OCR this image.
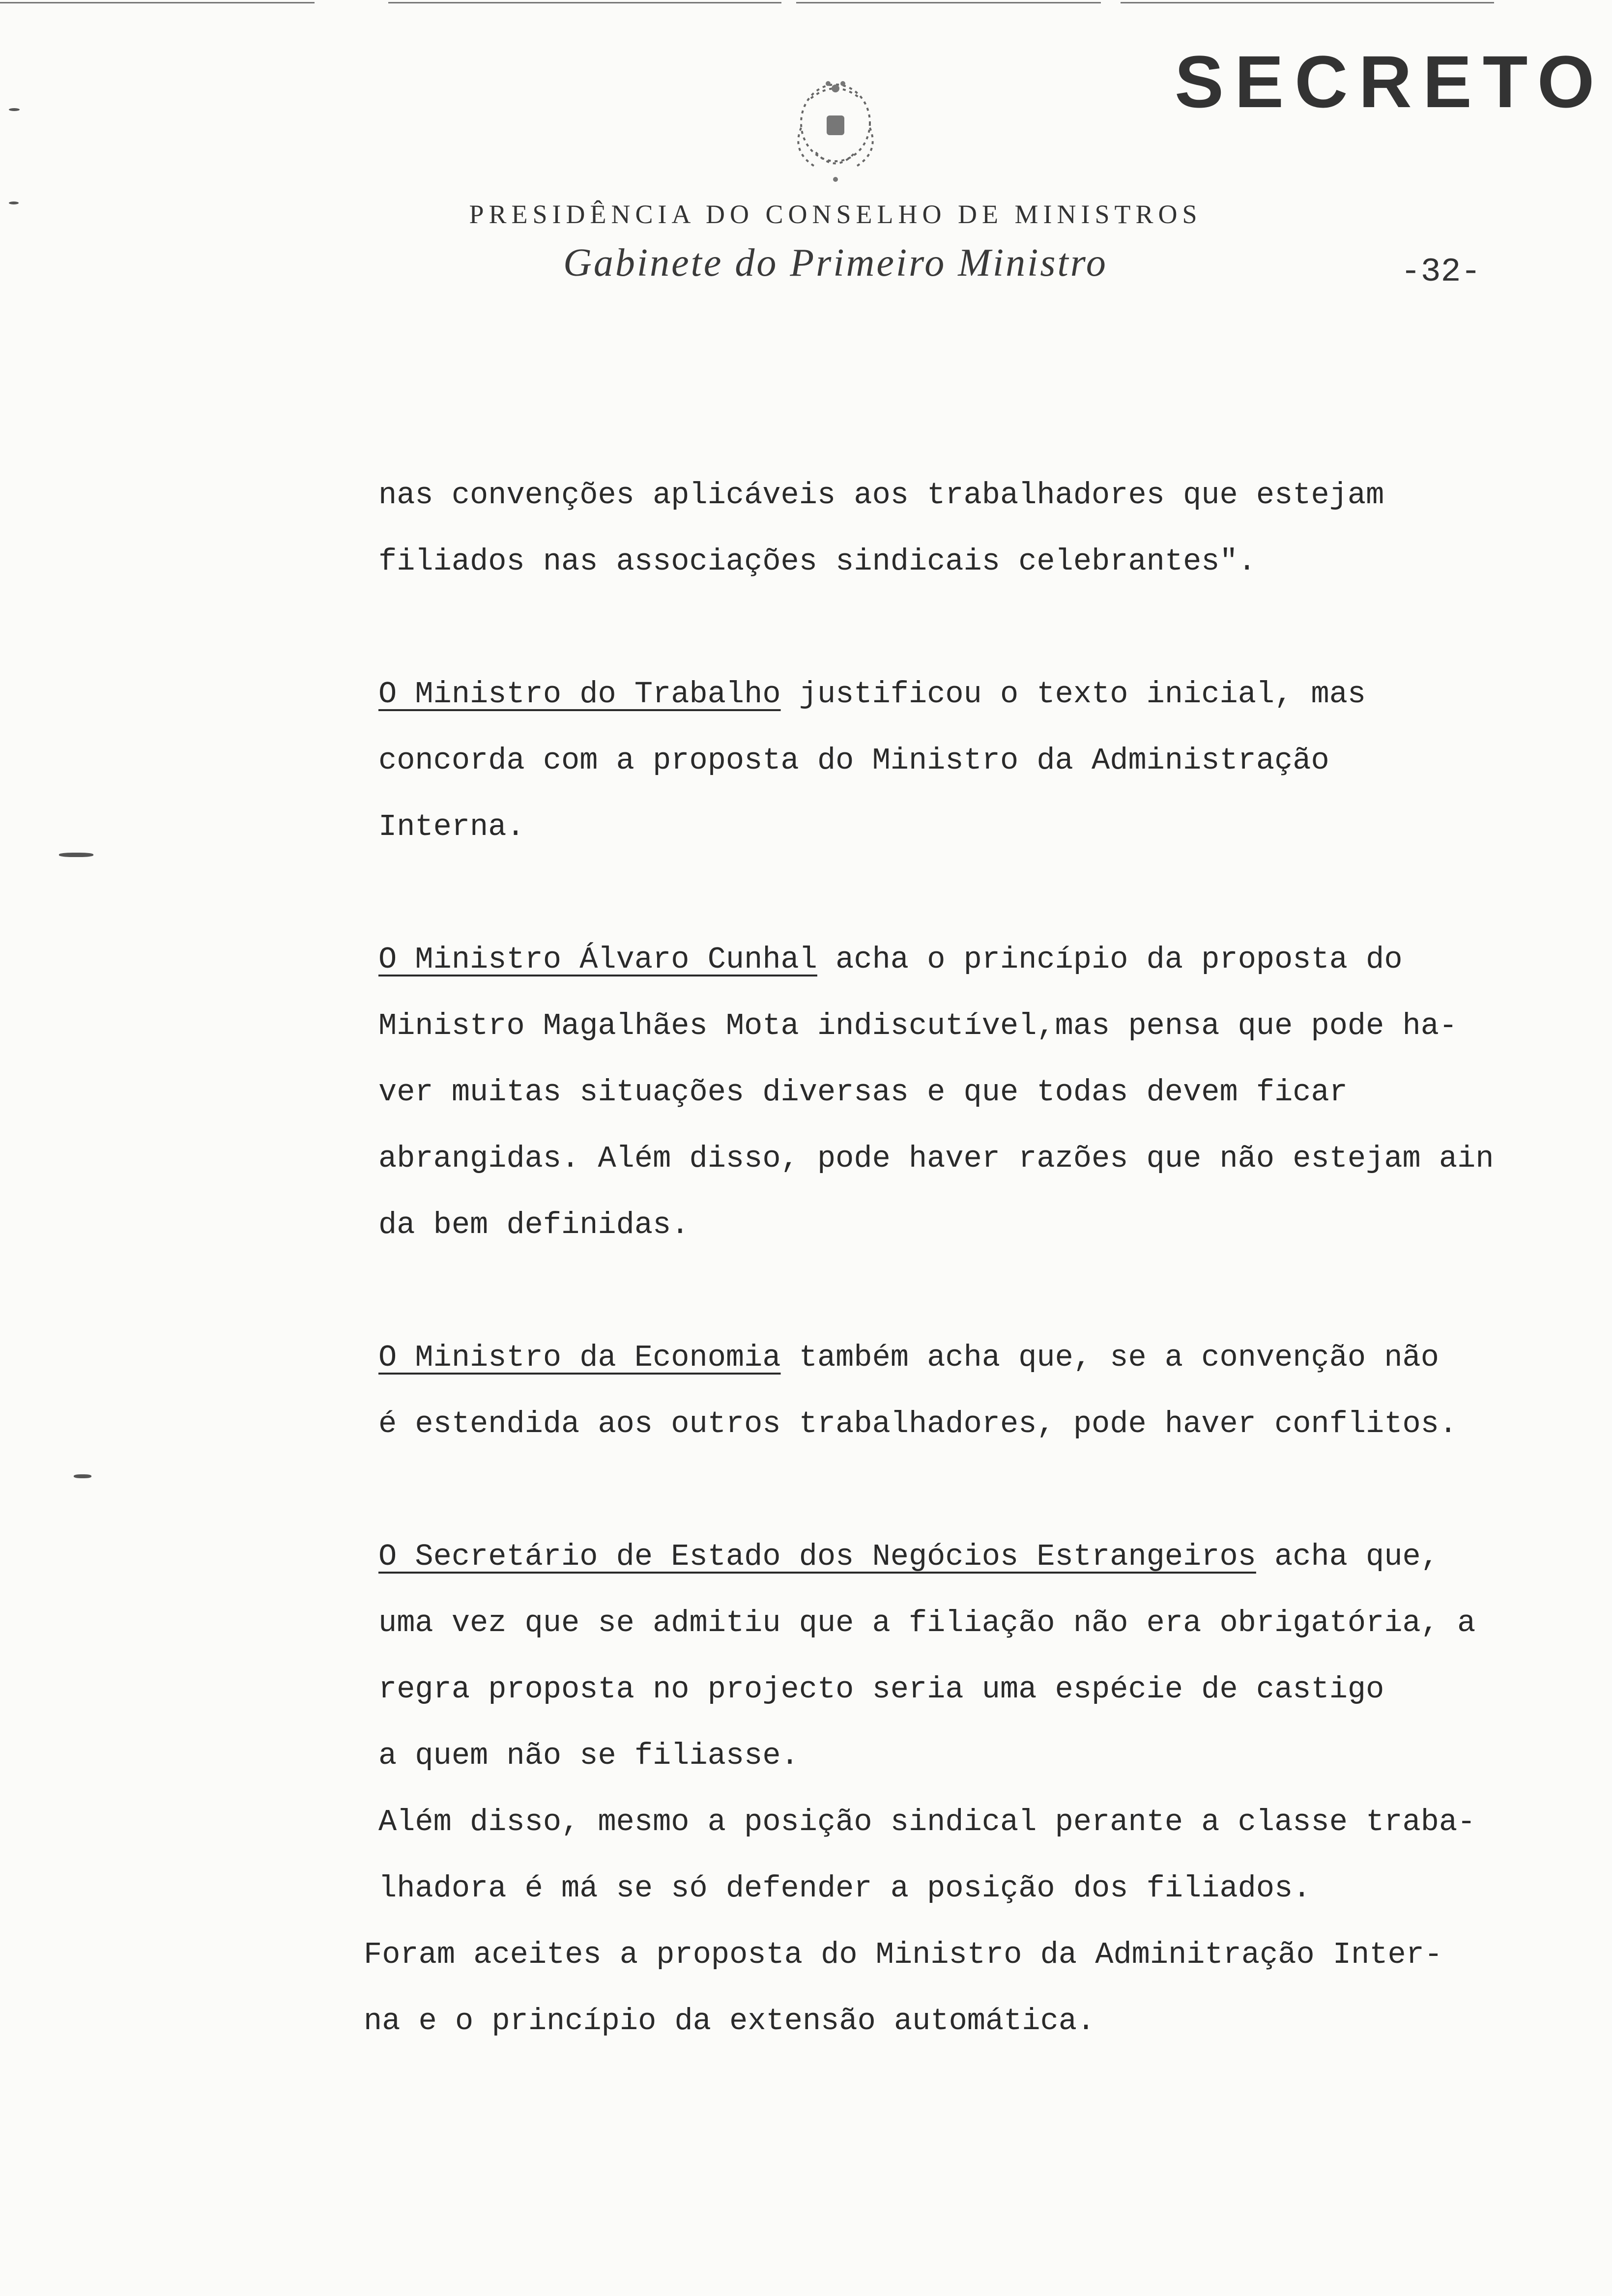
SECRETO
PRESIDÊNCIA DO CONSELHO DE MINISTROS
Gabinete do Primeiro Ministro	-32-
nas convenções aplicáveis aos trabalhadores que estejam
filiados nas associações sindicais celebrantes".
O Ministro do Trabalho justificou o texto inicial, mas
concorda com a proposta do Ministro da Administração
Interna.
O Ministro Álvaro Cunhal acha o princípio da proposta do
Ministro Magalhães Mota indiscutível,mas pensa que pode ha-
ver muitas situações diversas e que todas devem ficar
abrangidas. Além disso, pode haver razões que não estejam ain
da bem definidas.
O Ministro da Economia também acha que, se a convenção não
é estendida aos outros trabalhadores, pode haver conflitos.
O Secretário de Estado dos Negócios Estrangeiros acha que,
uma vez que se admitiu que a filiação não era obrigatória, a
regra proposta no projecto seria uma espécie de castigo
a quem não se filiasse.
Além disso, mesmo a posição sindical perante a classe traba-
lhadora é má se só defender a posição dos filiados.
Foram aceites a proposta do Ministro da Adminitração Inter-
na e o princípio da extensão automática.
